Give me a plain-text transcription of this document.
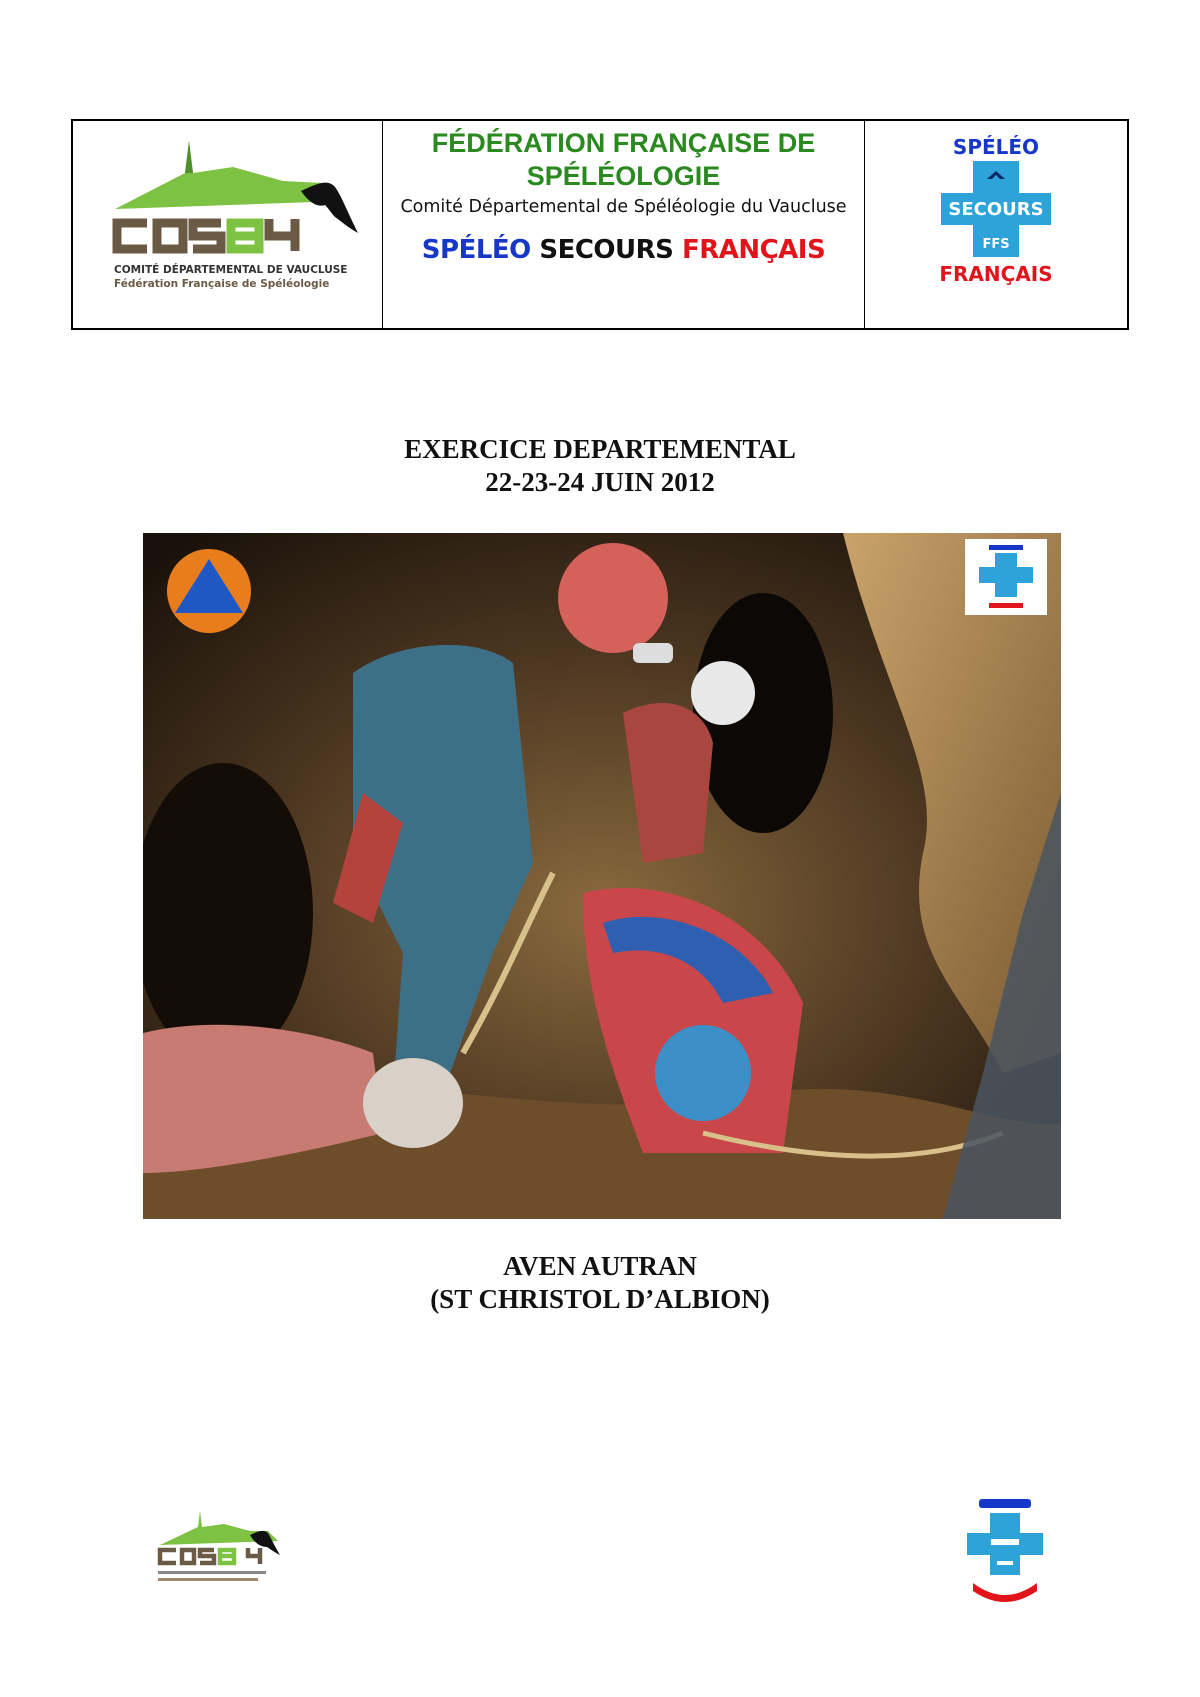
COMITÉ DÉPARTEMENTAL DE VAUCLUSE
Fédération Française de Spéléologie
FÉDÉRATION FRANÇAISE DE
SPÉLÉOLOGIE
Comité Départemental de Spéléologie du Vaucluse
SPÉLÉO SECOURS FRANÇAIS
SPÉLÉO
SECOURS
FFS
FRANÇAIS
EXERCICE DEPARTEMENTAL
22-23-24 JUIN 2012
AVEN AUTRAN
(ST CHRISTOL D’ALBION)
